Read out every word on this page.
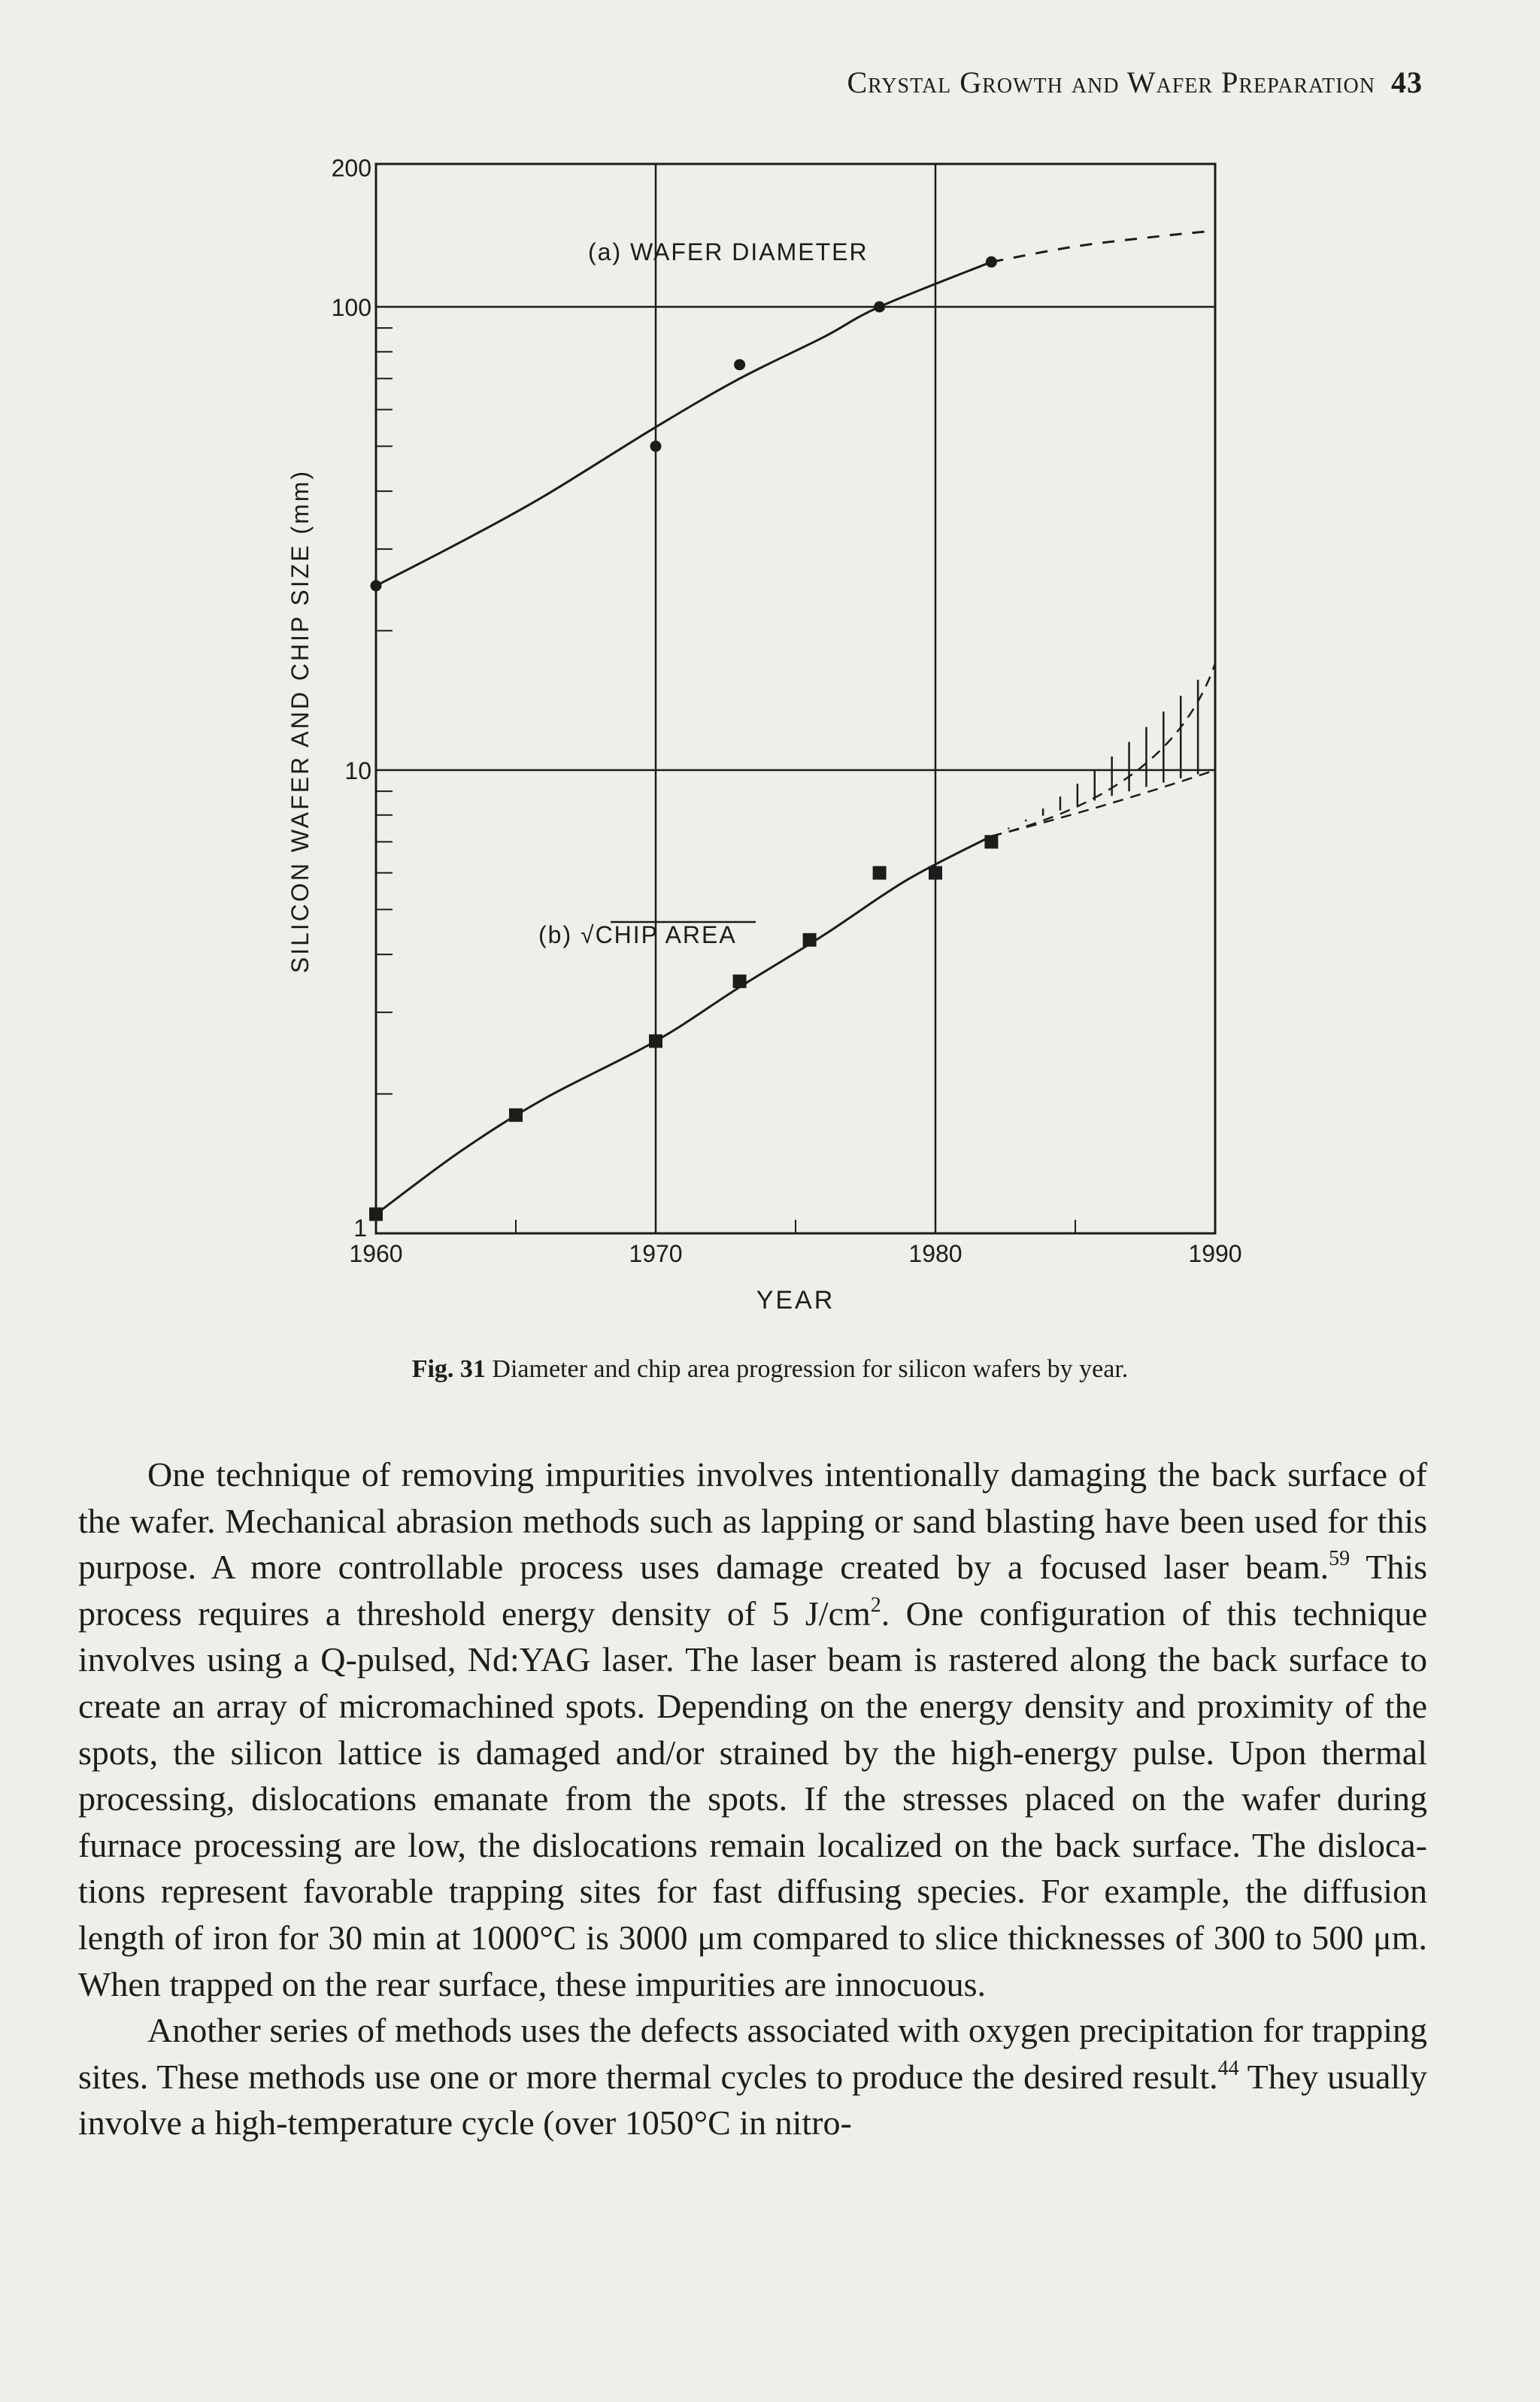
Crystal Growth and Wafer Preparation 43
1
10
100
200
1960	1970	1980	1990
YEAR
SILICON WAFER AND CHIP SIZE (mm)
(a) WAFER DIAMETER
(b) √CHIP AREA
Fig. 31 Diameter and chip area progression for silicon wafers by year.

One technique of removing impurities involves intentionally damaging the back surface of the wafer. Mechanical abrasion methods such as lapping or sand blasting have been used for this purpose. A more controllable process uses damage created by a focused laser beam.$^{59}$ This process requires a threshold energy density of 5 $J/cm^2$. One configuration of this technique involves using a Q-pulsed, Nd:YAG laser. The laser beam is rastered along the back surface to create an array of micromachined spots. Depending on the energy density and proximity of the spots, the silicon lattice is damaged and/or strained by the high-energy pulse. Upon thermal processing, dislocations emanate from the spots. If the stresses placed on the wafer during furnace processing are low, the dislocations remain localized on the back surface. The dislocations represent favorable trapping sites for fast diffusing species. For example, the diffusion length of iron for 30 min at 1000°C is 3000 μm compared to slice thicknesses of 300 to 500 μm. When trapped on the rear surface, these impurities are innocuous.

Another series of methods uses the defects associated with oxygen precipitation for trapping sites. These methods use one or more thermal cycles to produce the desired result.$^{44}$ They usually involve a high-temperature cycle (over 1050°C in nitro-
